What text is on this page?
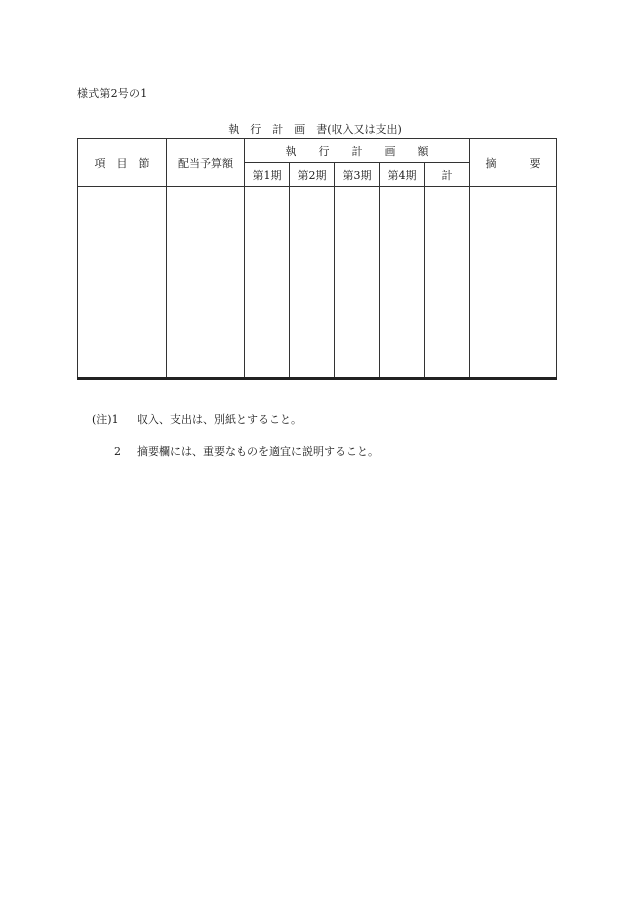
様式第2号の1
執　行　計　画　書(収入又は支出)
項　目　節	配当予算額	執　　行　　計　　画　　額					摘　　　要
		第1期	第2期	第3期	第4期	計	

(注)1	収入、支出は、別紙とすること。
2	摘要欄には、重要なものを適宜に説明すること。
